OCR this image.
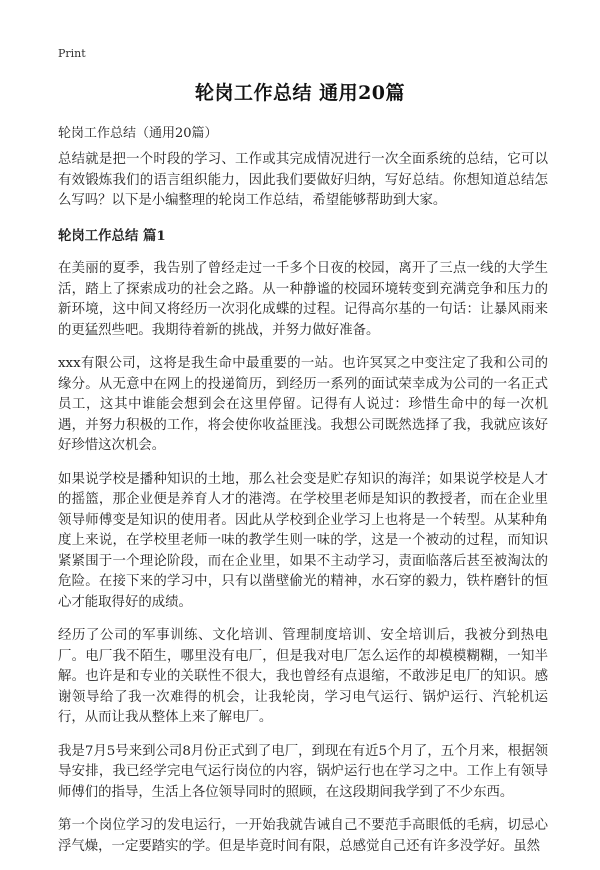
Print
轮岗工作总结 通用20篇
轮岗工作总结（通用20篇）

总结就是把一个时段的学习、工作或其完成情况进行一次全面系统的总结，它可以有效锻炼我们的语言组织能力，因此我们要做好归纳，写好总结。你想知道总结怎么写吗？以下是小编整理的轮岗工作总结，希望能够帮助到大家。

轮岗工作总结 篇1

在美丽的夏季，我告别了曾经走过一千多个日夜的校园，离开了三点一线的大学生活，踏上了探索成功的社会之路。从一种静谧的校园环境转变到充满竞争和压力的新环境，这中间又将经历一次羽化成蝶的过程。记得高尔基的一句话：让暴风雨来的更猛烈些吧。我期待着新的挑战，并努力做好准备。

xxx有限公司，这将是我生命中最重要的一站。也许冥冥之中变注定了我和公司的缘分。从无意中在网上的投递简历，到经历一系列的面试荣幸成为公司的一名正式员工，这其中谁能会想到会在这里停留。记得有人说过：珍惜生命中的每一次机遇，并努力积极的工作，将会使你收益匪浅。我想公司既然选择了我，我就应该好好珍惜这次机会。

如果说学校是播种知识的土地，那么社会变是贮存知识的海洋；如果说学校是人才的摇篮，那企业便是养育人才的港湾。在学校里老师是知识的教授者，而在企业里领导师傅变是知识的使用者。因此从学校到企业学习上也将是一个转型。从某种角度上来说，在学校里老师一味的教学生则一味的学，这是一个被动的过程，而知识紧紧围于一个理论阶段，而在企业里，如果不主动学习，责面临落后甚至被淘汰的危险。在接下来的学习中，只有以凿壁偷光的精神，水石穿的毅力，铁杵磨针的恒心才能取得好的成绩。

经历了公司的军事训练、文化培训、管理制度培训、安全培训后，我被分到热电厂。电厂我不陌生，哪里没有电厂，但是我对电厂怎么运作的却模模糊糊，一知半解。也许是和专业的关联性不很大，我也曾经有点退缩，不敢涉足电厂的知识。感谢领导给了我一次难得的机会，让我轮岗，学习电气运行、锅炉运行、汽轮机运行，从而让我从整体上来了解电厂。

我是7月5号来到公司8月份正式到了电厂，到现在有近5个月了，五个月来，根据领导安排，我已经学完电气运行岗位的内容，锅炉运行也在学习之中。工作上有领导师傅们的指导，生活上各位领导同时的照顾，在这段期间我学到了不少东西。

第一个岗位学习的发电运行，一开始我就告诫自己不要范手高眼低的毛病，切忌心浮气燥，一定要踏实的学。但是毕竟时间有限，总感觉自己还有许多没学好。虽然
